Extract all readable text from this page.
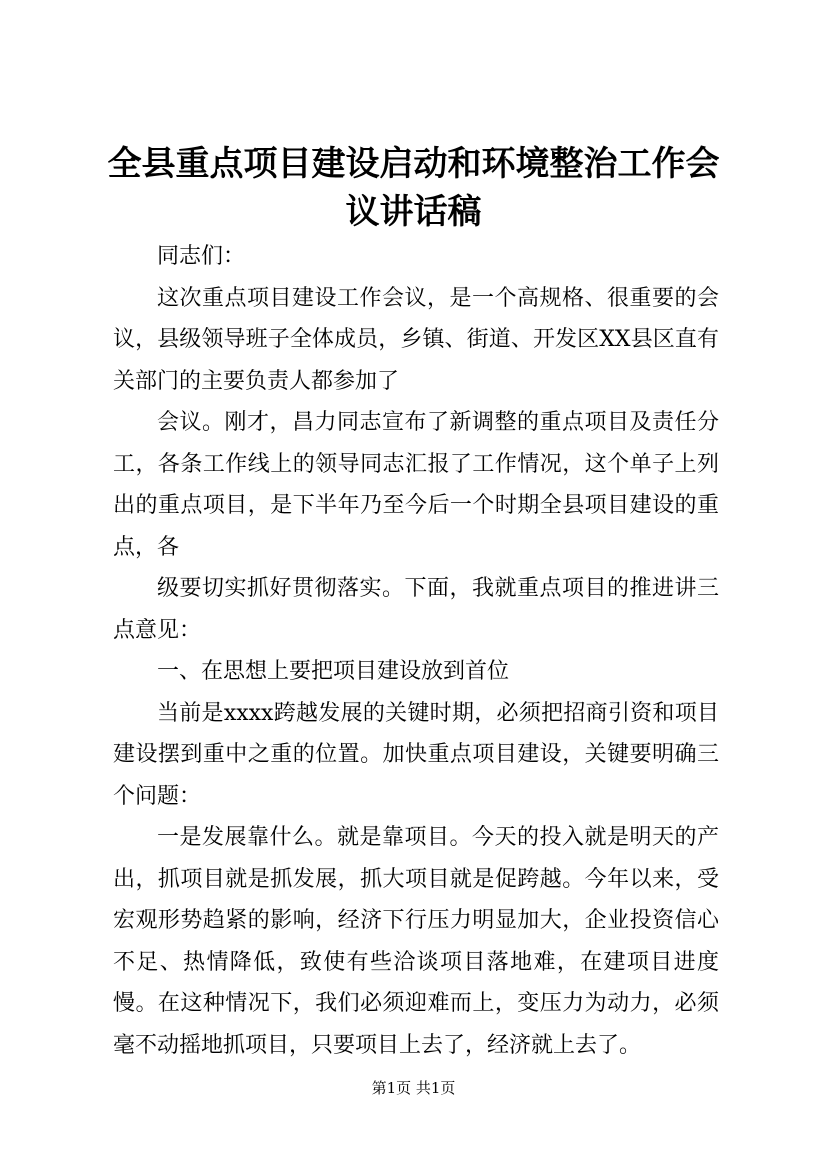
全县重点项目建设启动和环境整治工作会议讲话稿

同志们：

这次重点项目建设工作会议，是一个高规格、很重要的会议，县级领导班子全体成员，乡镇、街道、开发区XX县区直有关部门的主要负责人都参加了

会议。刚才，昌力同志宣布了新调整的重点项目及责任分工，各条工作线上的领导同志汇报了工作情况，这个单子上列出的重点项目，是下半年乃至今后一个时期全县项目建设的重点，各

级要切实抓好贯彻落实。下面，我就重点项目的推进讲三点意见：

一、在思想上要把项目建设放到首位

当前是xxxx跨越发展的关键时期，必须把招商引资和项目建设摆到重中之重的位置。加快重点项目建设，关键要明确三个问题：

一是发展靠什么。就是靠项目。今天的投入就是明天的产出，抓项目就是抓发展，抓大项目就是促跨越。今年以来，受宏观形势趋紧的影响，经济下行压力明显加大，企业投资信心不足、热情降低，致使有些洽谈项目落地难，在建项目进度慢。在这种情况下，我们必须迎难而上，变压力为动力，必须毫不动摇地抓项目，只要项目上去了，经济就上去了。

第1页 共1页
